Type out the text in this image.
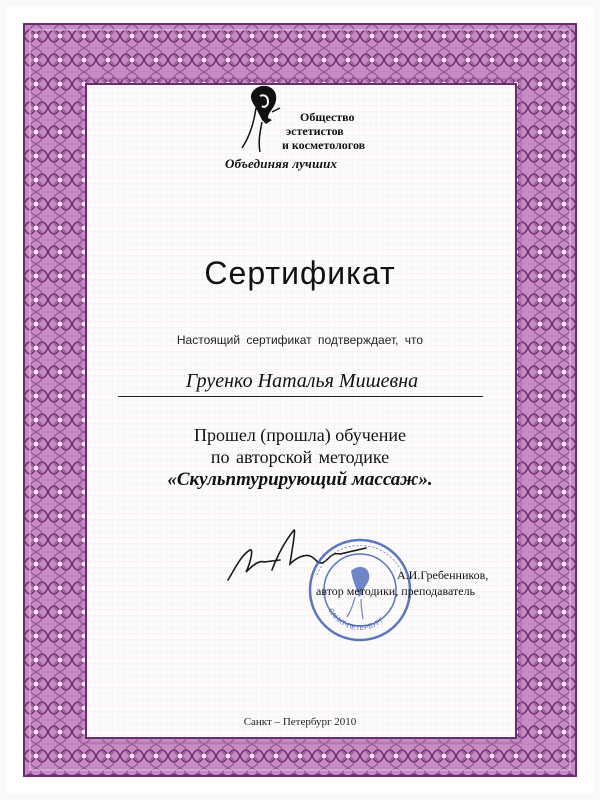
Общество
эстетистов
и косметологов
Объединяя лучших
Сертификат
Настоящий сертификат подтверждает, что
Груенко Наталья Мишевна
Прошел (прошла) обучение
по авторской методике
«Скульптурирующий массаж».
САНКТ-ПЕТЕРБУРГ
А.И.Гребенников,
автор методики, преподаватель
Санкт – Петербург 2010
